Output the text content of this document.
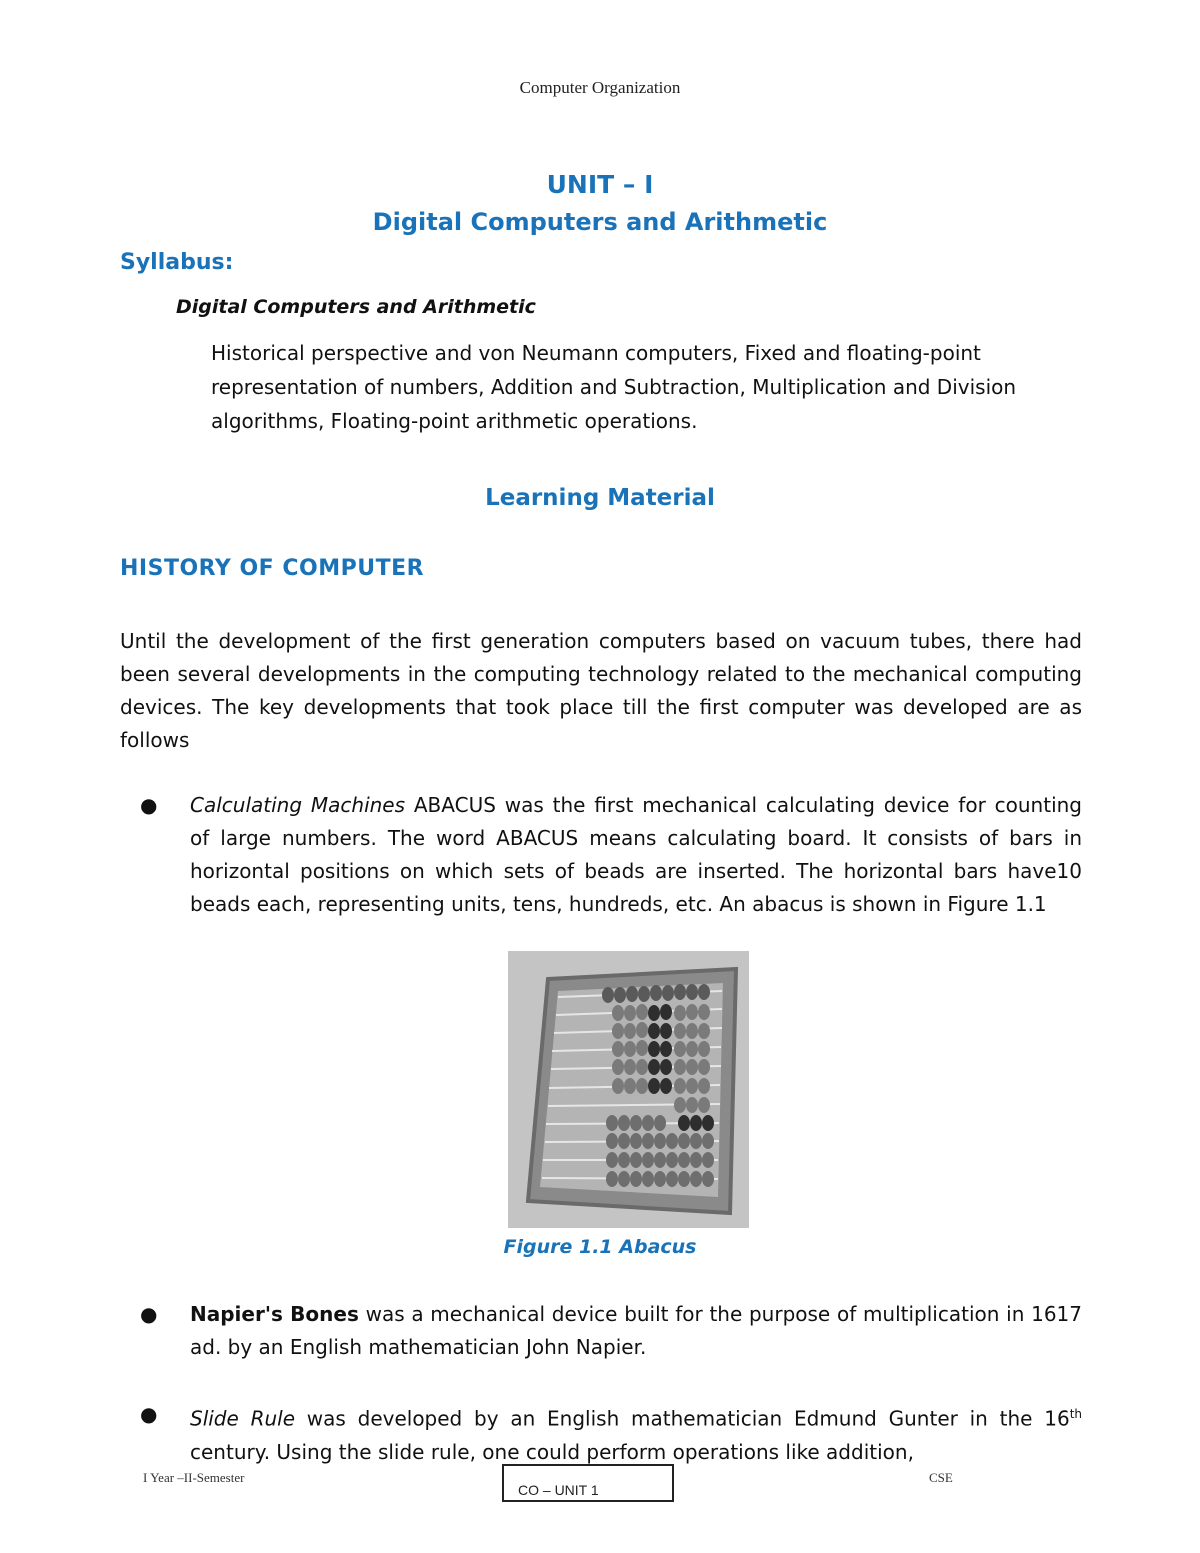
Computer Organization
UNIT – I
Digital Computers and Arithmetic
Syllabus:
Digital Computers and Arithmetic
Historical perspective and von Neumann computers, Fixed and floating-point representation of numbers, Addition and Subtraction, Multiplication and Division algorithms, Floating-point arithmetic operations.
Learning Material
HISTORY OF COMPUTER
Until the development of the first generation computers based on vacuum tubes, there had been several developments in the computing technology related to the mechanical computing devices. The key developments that took place till the first computer was developed are as follows
● Calculating Machines ABACUS was the first mechanical calculating device for counting of large numbers. The word ABACUS means calculating board. It consists of bars in horizontal positions on which sets of beads are inserted. The horizontal bars have10 beads each, representing units, tens, hundreds, etc. An abacus is shown in Figure 1.1
Figure 1.1 Abacus
● Napier's Bones was a mechanical device built for the purpose of multiplication in 1617 ad. by an English mathematician John Napier.
● Slide Rule was developed by an English mathematician Edmund Gunter in the 16th century. Using the slide rule, one could perform operations like addition,
I Year –II-Semester
CO – UNIT 1
CSE
